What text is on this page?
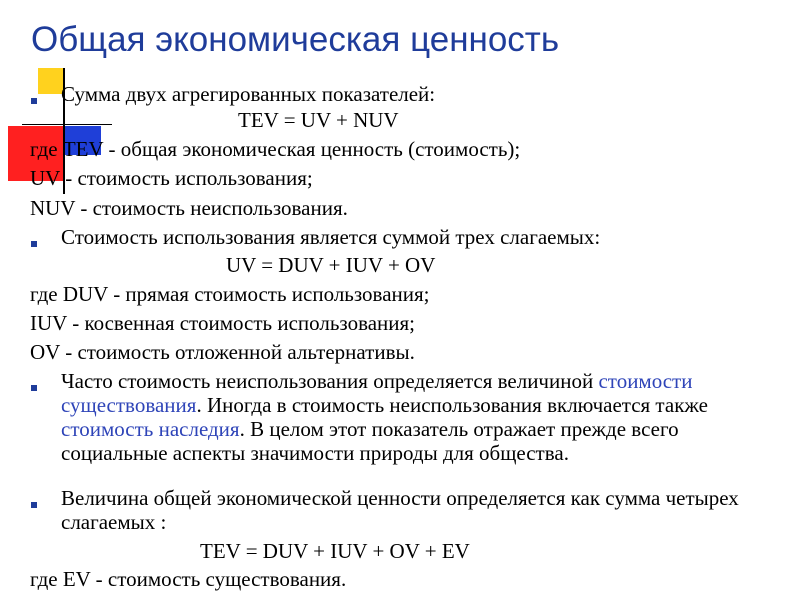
Общая экономическая ценность
Сумма двух агрегированных показателей:
TEV = UV + NUV
где TEV - общая экономическая ценность (стоимость);
UV - стоимость использования;
NUV - стоимость неиспользования.
Стоимость использования является суммой трех слагаемых:
UV = DUV + IUV + OV
где DUV - прямая стоимость использования;
IUV - косвенная стоимость использования;
OV - стоимость отложенной альтернативы.
Часто стоимость неиспользования определяется величиной стоимости существования. Иногда в стоимость неиспользования включается также стоимость наследия. В целом этот показатель отражает прежде всего социальные аспекты значимости природы для общества.
Величина общей экономической ценности определяется как сумма четырех слагаемых :
TEV = DUV + IUV + OV + EV
где EV - стоимость существования.
